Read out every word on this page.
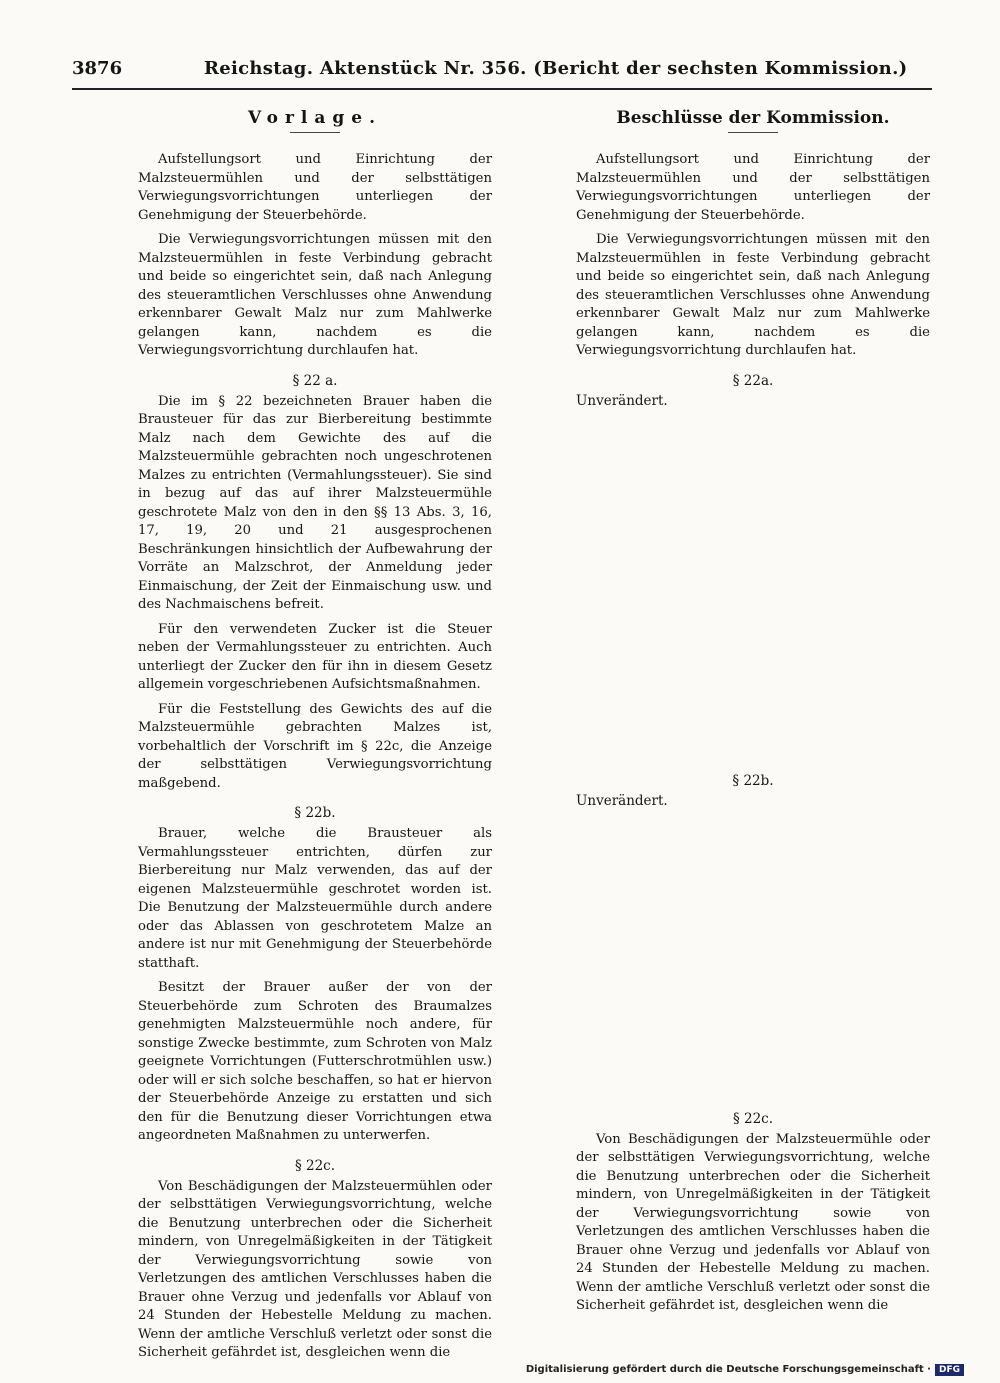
3876	Reichstag. Aktenstück Nr. 356. (Bericht der sechsten Kommission.)
Vorlage.

Aufstellungsort und Einrichtung der Malzsteuermühlen und der selbsttätigen Verwiegungsvorrichtungen unterliegen der Genehmigung der Steuerbehörde.

Die Verwiegungsvorrichtungen müssen mit den Malzsteuermühlen in feste Verbindung gebracht und beide so eingerichtet sein, daß nach Anlegung des steueramtlichen Verschlusses ohne Anwendung erkennbarer Gewalt Malz nur zum Mahlwerke gelangen kann, nachdem es die Verwiegungsvorrichtung durchlaufen hat.

§ 22 a.

Die im § 22 bezeichneten Brauer haben die Brausteuer für das zur Bierbereitung bestimmte Malz nach dem Gewichte des auf die Malzsteuermühle gebrachten noch ungeschrotenen Malzes zu entrichten (Vermahlungssteuer). Sie sind in bezug auf das auf ihrer Malzsteuermühle geschrotete Malz von den in den §§ 13 Abs. 3, 16, 17, 19, 20 und 21 ausgesprochenen Beschränkungen hinsichtlich der Aufbewahrung der Vorräte an Malzschrot, der Anmeldung jeder Einmaischung, der Zeit der Einmaischung usw. und des Nachmaischens befreit.

Für den verwendeten Zucker ist die Steuer neben der Vermahlungssteuer zu entrichten. Auch unterliegt der Zucker den für ihn in diesem Gesetz allgemein vorgeschriebenen Aufsichtsmaßnahmen.

Für die Feststellung des Gewichts des auf die Malzsteuermühle gebrachten Malzes ist, vorbehaltlich der Vorschrift im § 22c, die Anzeige der selbsttätigen Verwiegungsvorrichtung maßgebend.

§ 22b.

Brauer, welche die Brausteuer als Vermahlungssteuer entrichten, dürfen zur Bierbereitung nur Malz verwenden, das auf der eigenen Malzsteuermühle geschrotet worden ist. Die Benutzung der Malzsteuermühle durch andere oder das Ablassen von geschrotetem Malze an andere ist nur mit Genehmigung der Steuerbehörde statthaft.

Besitzt der Brauer außer der von der Steuerbehörde zum Schroten des Braumalzes genehmigten Malzsteuermühle noch andere, für sonstige Zwecke bestimmte, zum Schroten von Malz geeignete Vorrichtungen (Futterschrotmühlen usw.) oder will er sich solche beschaffen, so hat er hiervon der Steuerbehörde Anzeige zu erstatten und sich den für die Benutzung dieser Vorrichtungen etwa angeordneten Maßnahmen zu unterwerfen.

§ 22c.

Von Beschädigungen der Malzsteuermühlen oder der selbsttätigen Verwiegungsvorrichtung, welche die Benutzung unterbrechen oder die Sicherheit mindern, von Unregelmäßigkeiten in der Tätigkeit der Verwiegungsvorrichtung sowie von Verletzungen des amtlichen Verschlusses haben die Brauer ohne Verzug und jedenfalls vor Ablauf von 24 Stunden der Hebestelle Meldung zu machen. Wenn der amtliche Verschluß verletzt oder sonst die Sicherheit gefährdet ist, desgleichen wenn die

Beschlüsse der Kommission.

Aufstellungsort und Einrichtung der Malzsteuermühlen und der selbsttätigen Verwiegungsvorrichtungen unterliegen der Genehmigung der Steuerbehörde.

Die Verwiegungsvorrichtungen müssen mit den Malzsteuermühlen in feste Verbindung gebracht und beide so eingerichtet sein, daß nach Anlegung des steueramtlichen Verschlusses ohne Anwendung erkennbarer Gewalt Malz nur zum Mahlwerke gelangen kann, nachdem es die Verwiegungsvorrichtung durchlaufen hat.

§ 22a.

Unverändert.

§ 22b.

Unverändert.

§ 22c.

Von Beschädigungen der Malzsteuermühle oder der selbsttätigen Verwiegungsvorrichtung, welche die Benutzung unterbrechen oder die Sicherheit mindern, von Unregelmäßigkeiten in der Tätigkeit der Verwiegungsvorrichtung sowie von Verletzungen des amtlichen Verschlusses haben die Brauer ohne Verzug und jedenfalls vor Ablauf von 24 Stunden der Hebestelle Meldung zu machen. Wenn der amtliche Verschluß verletzt oder sonst die Sicherheit gefährdet ist, desgleichen wenn die

Digitalisierung gefördert durch die Deutsche Forschungsgemeinschaft · DFG
